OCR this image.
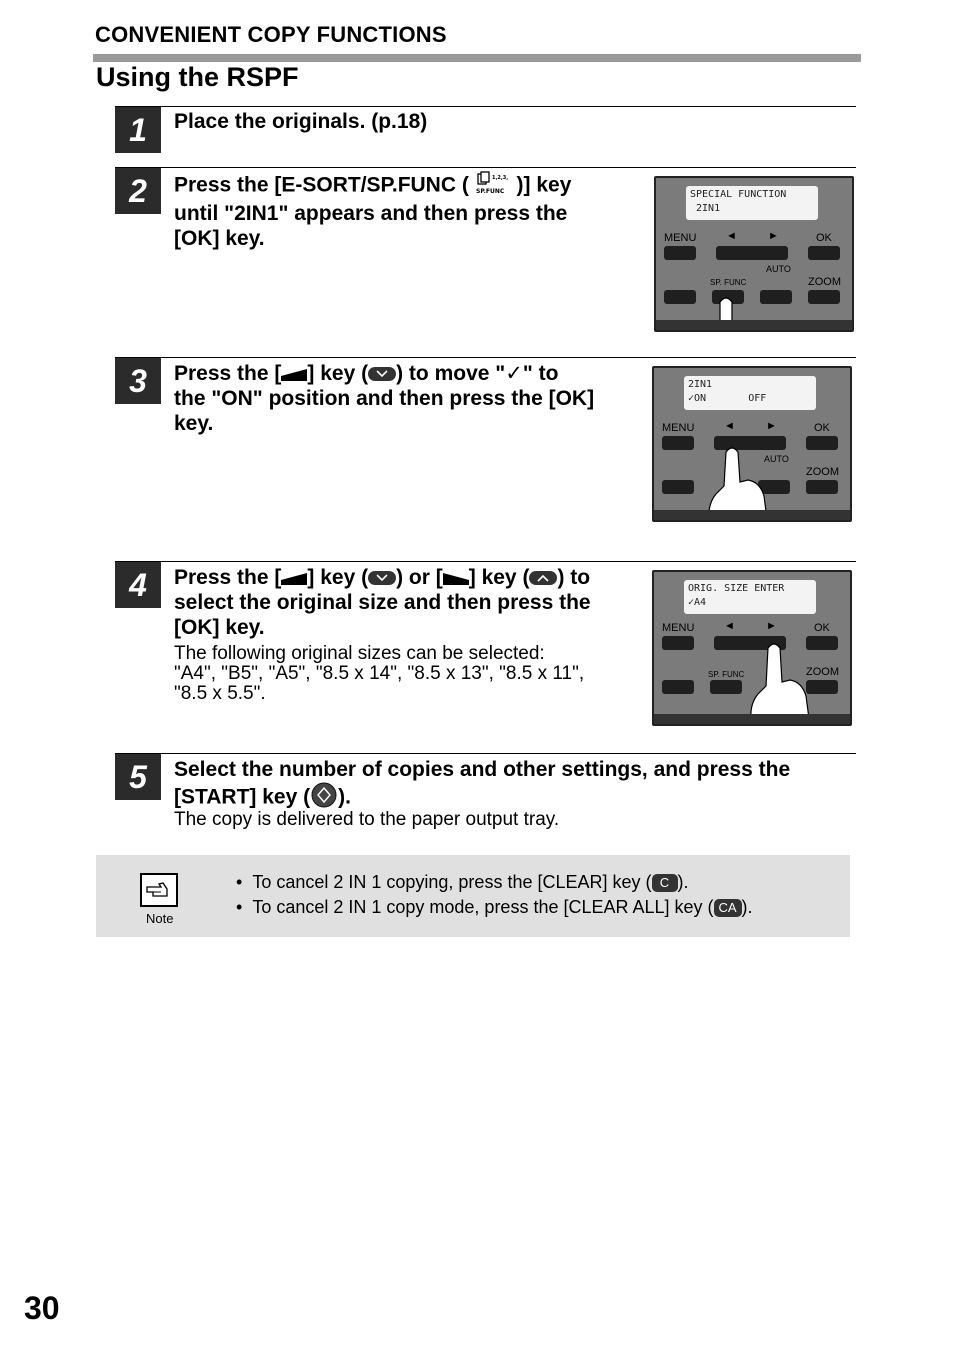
CONVENIENT COPY FUNCTIONS
Using the RSPF
1	Place the originals. (p.18)
2	Press the [E-SORT/SP.FUNC (	1,2,3,
SP.FUNC )] key
until "2IN1" appears and then press the
[OK] key.
SPECIAL FUNCTION
2IN1
MENU	◄	►	OK
AUTO
SP. FUNC	ZOOM
3	Press the [ ] key ( ) to move "✓" to
the "ON" position and then press the [OK]
key.
2IN1
✓ON       OFF
MENU	◄	►	OK
AUTO
ZOOM
4	Press the [ ] key ( ) or [ ] key ( ) to
select the original size and then press the
[OK] key.
The following original sizes can be selected:
"A4", "B5", "A5", "8.5 x 14", "8.5 x 13", "8.5 x 11",
"8.5 x 5.5".
ORIG. SIZE ENTER
✓A4
MENU	◄	►	OK
SP. FUNC	ZOOM
5	Select the number of copies and other settings, and press the
[START] key ( ).
The copy is delivered to the paper output tray.
Note
•  To cancel 2 IN 1 copying, press the [CLEAR] key ( C ).
•  To cancel 2 IN 1 copy mode, press the [CLEAR ALL] key ( CA ).
30
